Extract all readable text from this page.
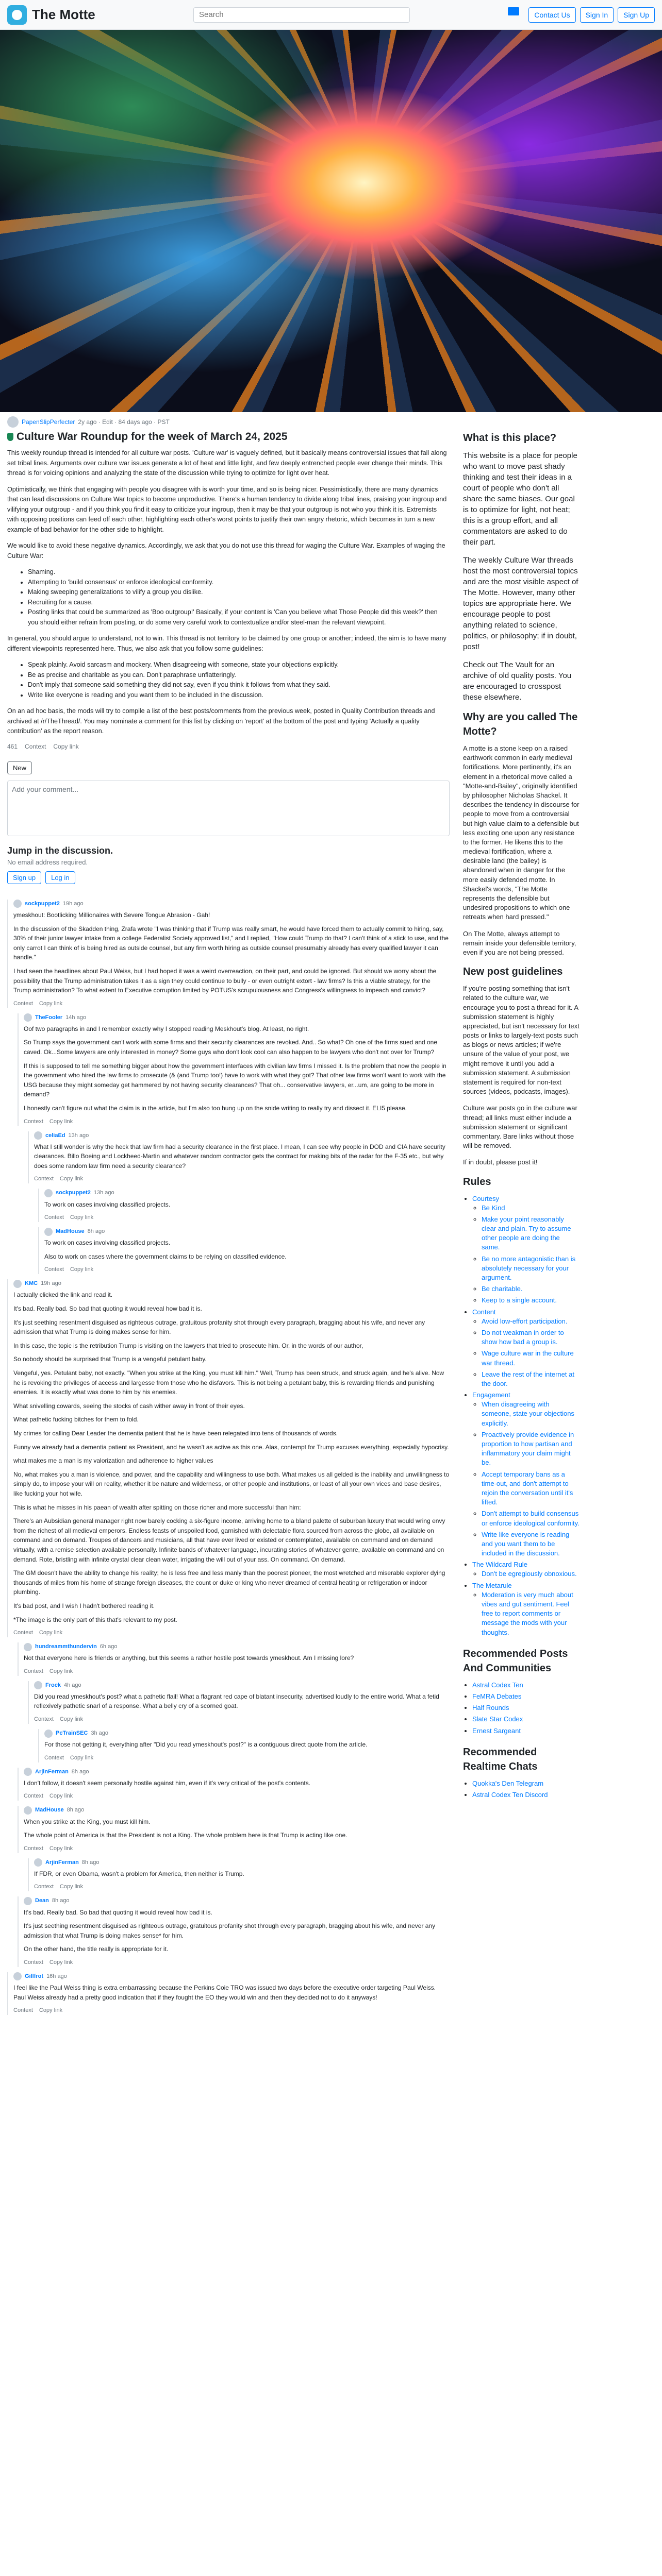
The Motte
Search	Contact Us	Sign In	Sign Up
PapenSlipPerfecter 2y ago · Edit · 84 days ago · PST
Culture War Roundup for the week of March 24, 2025

This weekly roundup thread is intended for all culture war posts. 'Culture war' is vaguely defined, but it basically means controversial issues that fall along set tribal lines. Arguments over culture war issues generate a lot of heat and little light, and few deeply entrenched people ever change their minds. This thread is for voicing opinions and analyzing the state of the discussion while trying to optimize for light over heat.

Optimistically, we think that engaging with people you disagree with is worth your time, and so is being nicer. Pessimistically, there are many dynamics that can lead discussions on Culture War topics to become unproductive. There's a human tendency to divide along tribal lines, praising your ingroup and vilifying your outgroup - and if you think you find it easy to criticize your ingroup, then it may be that your outgroup is not who you think it is. Extremists with opposing positions can feed off each other, highlighting each other's worst points to justify their own angry rhetoric, which becomes in turn a new example of bad behavior for the other side to highlight.

We would like to avoid these negative dynamics. Accordingly, we ask that you do not use this thread for waging the Culture War. Examples of waging the Culture War:

• Shaming.
• Attempting to 'build consensus' or enforce ideological conformity.
• Making sweeping generalizations to vilify a group you dislike.
• Recruiting for a cause.
• Posting links that could be summarized as 'Boo outgroup!' Basically, if your content is 'Can you believe what Those People did this week?' then you should either refrain from posting, or do some very careful work to contextualize and/or steel-man the relevant viewpoint.

In general, you should argue to understand, not to win. This thread is not territory to be claimed by one group or another; indeed, the aim is to have many different viewpoints represented here. Thus, we also ask that you follow some guidelines:

• Speak plainly. Avoid sarcasm and mockery. When disagreeing with someone, state your objections explicitly.
• Be as precise and charitable as you can. Don't paraphrase unflatteringly.
• Don't imply that someone said something they did not say, even if you think it follows from what they said.
• Write like everyone is reading and you want them to be included in the discussion.

On an ad hoc basis, the mods will try to compile a list of the best posts/comments from the previous week, posted in Quality Contribution threads and archived at /r/TheThread/. You may nominate a comment for this list by clicking on 'report' at the bottom of the post and typing 'Actually a quality contribution' as the report reason.

461 Context Copy link
New
Add your comment...
Jump in the discussion.
No email address required.
Sign up	Log in
sockpuppet2 19h ago

ymeskhout: Bootlicking Millionaires with Severe Tongue Abrasion - Gah!

In the discussion of the Skadden thing, Zrafa wrote "I was thinking that if Trump was really smart, he would have forced them to actually commit to hiring, say, 30% of their junior lawyer intake from a college Federalist Society approved list," and I replied, "How could Trump do that? I can't think of a stick to use, and the only carrot I can think of is being hired as outside counsel, but any firm worth hiring as outside counsel presumably already has every qualified lawyer it can handle."

I had seen the headlines about Paul Weiss, but I had hoped it was a weird overreaction, on their part, and could be ignored. But should we worry about the possibility that the Trump administration takes it as a sign they could continue to bully - or even outright extort - law firms? Is this a viable strategy, for the Trump administration? To what extent to Executive corruption limited by POTUS's scrupulousness and Congress's willingness to impeach and convict?

Context Copy link
TheFooler 14h ago

Oof two paragraphs in and I remember exactly why I stopped reading Meskhout's blog. At least, no right.

So Trump says the government can't work with some firms and their security clearances are revoked. And.. So what? Oh one of the firms sued and one caved. Ok...Some lawyers are only interested in money? Some guys who don't look cool can also happen to be lawyers who don't not over for Trump?

If this is supposed to tell me something bigger about how the government interfaces with civilian law firms I missed it. Is the problem that now the people in the government who hired the law firms to prosecute (& (and Trump too!) have to work with what they got? That other law firms won't want to work with the USG because they might someday get hammered by not having security clearances? That oh... conservative lawyers, er...um, are going to be more in demand?

I honestly can't figure out what the claim is in the article, but I'm also too hung up on the snide writing to really try and dissect it. ELI5 please.

Context Copy link
celiaEd 13h ago

What I still wonder is why the heck that law firm had a security clearance in the first place. I mean, I can see why people in DOD and CIA have security clearances. Billo Boeing and Lockheed-Martin and whatever random contractor gets the contract for making bits of the radar for the F-35 etc., but why does some random law firm need a security clearance?

Context Copy link
sockpuppet2 13h ago

To work on cases involving classified projects.

Context Copy link
MadHouse 8h ago

To work on cases involving classified projects.

Also to work on cases where the government claims to be relying on classified evidence.

Context Copy link
KMC 19h ago

I actually clicked the link and read it.

It's bad. Really bad. So bad that quoting it would reveal how bad it is.

It's just seething resentment disguised as righteous outrage, gratuitous profanity shot through every paragraph, bragging about his wife, and never any admission that what Trump is doing makes sense for him.

In this case, the topic is the retribution Trump is visiting on the lawyers that tried to prosecute him. Or, in the words of our author,

So nobody should be surprised that Trump is a vengeful petulant baby.

Vengeful, yes. Petulant baby, not exactly. "When you strike at the King, you must kill him." Well, Trump has been struck, and struck again, and he's alive. Now he is revoking the privileges of access and largesse from those who he disfavors. This is not being a petulant baby, this is rewarding friends and punishing enemies. It is exactly what was done to him by his enemies.

What snivelling cowards, seeing the stocks of cash wither away in front of their eyes.

What pathetic fucking bitches for them to fold.

My crimes for calling Dear Leader the dementia patient that he is have been relegated into tens of thousands of words.

Funny we already had a dementia patient as President, and he wasn't as active as this one. Alas, contempt for Trump excuses everything, especially hypocrisy.

what makes me a man is my valorization and adherence to higher values

No, what makes you a man is violence, and power, and the capability and willingness to use both. What makes us all gelded is the inability and unwillingness to simply do, to impose your will on reality, whether it be nature and wilderness, or other people and institutions, or least of all your own vices and base desires, like fucking your hot wife.

This is what he misses in his paean of wealth after spitting on those richer and more successful than him:

There's an Aubsidian general manager right now barely cocking a six-figure income, arriving home to a bland palette of suburban luxury that would wring envy from the richest of all medieval emperors. Endless feasts of unspoiled food, garnished with delectable flora sourced from across the globe, all available on command and on demand. Troupes of dancers and musicians, all that have ever lived or existed or contemplated, available on command and on demand virtually, with a remise selection available personally. Infinite bands of whatever language, incurating stories of whatever genre, available on command and on demand. Rote, bristling with infinite crystal clear clean water, irrigating the will out of your ass. On command. On demand.

The GM doesn't have the ability to change his reality; he is less free and less manly than the poorest pioneer, the most wretched and miserable explorer dying thousands of miles from his home of strange foreign diseases, the count or duke or king who never dreamed of central heating or refrigeration or indoor plumbing.

It's bad post, and I wish I hadn't bothered reading it.

*The image is the only part of this that's relevant to my post.

Context Copy link
hundreammthundervin 6h ago

Not that everyone here is friends or anything, but this seems a rather hostile post towards ymeskhout. Am I missing lore?

Context Copy link
Frock 4h ago

Did you read ymeskhout's post? what a pathetic flail! What a flagrant red cape of blatant insecurity, advertised loudly to the entire world. What a fetid reflexively pathetic snarl of a response. What a belly cry of a scorned goat.

Context Copy link
PcTrainSEC 3h ago

For those not getting it, everything after "Did you read ymeskhout's post?" is a contiguous direct quote from the article.

Context Copy link
ArjinFerman 8h ago

I don't follow, it doesn't seem personally hostile against him, even if it's very critical of the post's contents.

Context Copy link
MadHouse 8h ago

When you strike at the King, you must kill him.

The whole point of America is that the President is not a King. The whole problem here is that Trump is acting like one.

Context Copy link
ArjinFerman 8h ago

If FDR, or even Obama, wasn't a problem for America, then neither is Trump.

Context Copy link
Dean 8h ago

It's bad. Really bad. So bad that quoting it would reveal how bad it is.

It's just seething resentment disguised as righteous outrage, gratuitous profanity shot through every paragraph, bragging about his wife, and never any admission that what Trump is doing makes sense* for him.

On the other hand, the title really is appropriate for it.

Context Copy link
Gillfrot 16h ago

I feel like the Paul Weiss thing is extra embarrassing because the Perkins Coie TRO was issued two days before the executive order targeting Paul Weiss. Paul Weiss already had a pretty good indication that if they fought the EO they would win and then they decided not to do it anyways!

Context Copy link
What is this place?

This website is a place for people who want to move past shady thinking and test their ideas in a court of people who don't all share the same biases. Our goal is to optimize for light, not heat; this is a group effort, and all commentators are asked to do their part.

The weekly Culture War threads host the most controversial topics and are the most visible aspect of The Motte. However, many other topics are appropriate here. We encourage people to post anything related to science, politics, or philosophy; if in doubt, post!

Check out The Vault for an archive of old quality posts. You are encouraged to crosspost these elsewhere.

Why are you called The Motte?

A motte is a stone keep on a raised earthwork common in early medieval fortifications. More pertinently, it's an element in a rhetorical move called a "Motte-and-Bailey", originally identified by philosopher Nicholas Shackel. It describes the tendency in discourse for people to move from a controversial but high value claim to a defensible but less exciting one upon any resistance to the former. He likens this to the medieval fortification, where a desirable land (the bailey) is abandoned when in danger for the more easily defended motte. In Shackel's words, "The Motte represents the defensible but undesired propositions to which one retreats when hard pressed."

On The Motte, always attempt to remain inside your defensible territory, even if you are not being pressed.

New post guidelines

If you're posting something that isn't related to the culture war, we encourage you to post a thread for it. A submission statement is highly appreciated, but isn't necessary for text posts or links to largely-text posts such as blogs or news articles; if we're unsure of the value of your post, we might remove it until you add a submission statement. A submission statement is required for non-text sources (videos, podcasts, images).

Culture war posts go in the culture war thread; all links must either include a submission statement or significant commentary. Bare links without those will be removed.

If in doubt, please post it!

Rules
• Courtesy
◦ Be Kind
◦ Make your point reasonably clear and plain. Try to assume other people are doing the same.
◦ Be no more antagonistic than is absolutely necessary for your argument.
◦ Be charitable.
◦ Keep to a single account.
• Content
◦ Avoid low-effort participation.
◦ Do not weakman in order to show how bad a group is.
◦ Wage culture war in the culture war thread.
◦ Leave the rest of the internet at the door.
• Engagement
◦ When disagreeing with someone, state your objections explicitly.
◦ Proactively provide evidence in proportion to how partisan and inflammatory your claim might be.
◦ Accept temporary bans as a time-out, and don't attempt to rejoin the conversation until it's lifted.
◦ Don't attempt to build consensus or enforce ideological conformity.
◦ Write like everyone is reading and you want them to be included in the discussion.
• The Wildcard Rule
◦ Don't be egregiously obnoxious.
• The Metarule
◦ Moderation is very much about vibes and gut sentiment. Feel free to report comments or message the mods with your thoughts.
Recommended Posts And Communities
• Astral Codex Ten
• FeMRA Debates
• Half Rounds
• Slate Star Codex
• Ernest Sargeant
Recommended Realtime Chats
• Quokka's Den Telegram
• Astral Codex Ten Discord
